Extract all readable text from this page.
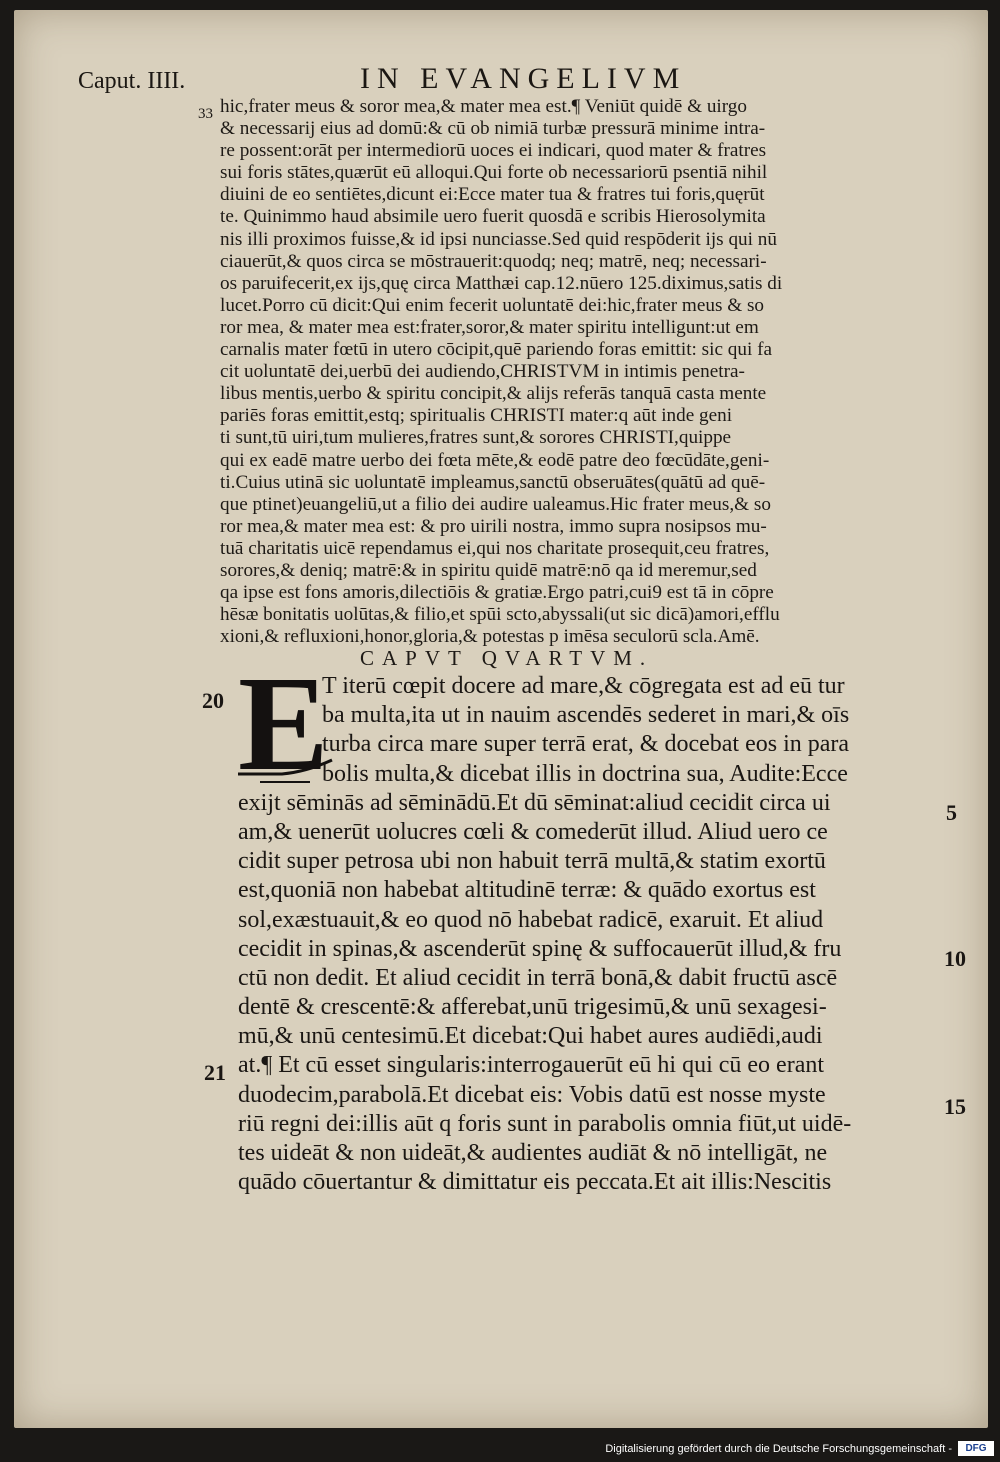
Caput. IIII.	IN EVANGELIVM
33 hic,frater meus & soror mea,& mater mea est.¶ Veniūt quidē & uirgo
& necessarij eius ad domū:& cū ob nimiā turbæ pressurā minime intra-
re possent:orāt per intermediorū uoces ei indicari, quod mater & fratres
sui foris stātes,quærūt eū alloqui.Qui forte ob necessariorū psentiā nihil
diuini de eo sentiētes,dicunt ei:Ecce mater tua & fratres tui foris,quęrūt
te. Quinimmo haud absimile uero fuerit quosdā e scribis Hierosolymita
nis illi proximos fuisse,& id ipsi nunciasse.Sed quid respōderit ijs qui nū
ciauerūt,& quos circa se mōstrauerit:quodq; neq; matrē, neq; necessari-
os paruifecerit,ex ijs,quę circa Matthæi cap.12.nūero 125.diximus,satis di
lucet.Porro cū dicit:Qui enim fecerit uoluntatē dei:hic,frater meus & so
ror mea, & mater mea est:frater,soror,& mater spiritu intelligunt:ut em
carnalis mater fœtū in utero cōcipit,quē pariendo foras emittit: sic qui fa
cit uoluntatē dei,uerbū dei audiendo,CHRISTVM in intimis penetra-
libus mentis,uerbo & spiritu concipit,& alijs referās tanquā casta mente
pariēs foras emittit,estq; spiritualis CHRISTI mater:q aūt inde geni
ti sunt,tū uiri,tum mulieres,fratres sunt,& sorores CHRISTI,quippe
qui ex eadē matre uerbo dei fœta mēte,& eodē patre deo fœcūdāte,geni-
ti.Cuius utinā sic uoluntatē impleamus,sanctū obseruātes(quātū ad quē-
que ptinet)euangeliū,ut a filio dei audire ualeamus.Hic frater meus,& so
ror mea,& mater mea est: & pro uirili nostra, immo supra nosipsos mu-
tuā charitatis uicē rependamus ei,qui nos charitate prosequit,ceu fratres,
sorores,& deniq; matrē:& in spiritu quidē matrē:nō qa id meremur,sed
qa ipse est fons amoris,dilectiōis & gratiæ.Ergo patri,cui9 est tā in cōpre
hēsæ bonitatis uolūtas,& filio,et spūi scto,abyssali(ut sic dicā)amori,efflu
xioni,& refluxioni,honor,gloria,& potestas p imēsa seculorū scla.Amē.
CAPVT QVARTVM.
E
T iterū cœpit docere ad mare,& cōgregata est ad eū tur
ba multa,ita ut in nauim ascendēs sederet in mari,& oīs
turba circa mare super terrā erat, & docebat eos in para
bolis multa,& dicebat illis in doctrina sua, Audite:Ecce
exijt sēminās ad sēminādū.Et dū sēminat:aliud cecidit circa ui
am,& uenerūt uolucres cœli & comederūt illud. Aliud uero ce
cidit super petrosa ubi non habuit terrā multā,& statim exortū
est,quoniā non habebat altitudinē terræ: & quādo exortus est
sol,exæstuauit,& eo quod nō habebat radicē, exaruit. Et aliud
cecidit in spinas,& ascenderūt spinę & suffocauerūt illud,& fru
ctū non dedit. Et aliud cecidit in terrā bonā,& dabit fructū ascē
dentē & crescentē:& afferebat,unū trigesimū,& unū sexagesi-
mū,& unū centesimū.Et dicebat:Qui habet aures audiēdi,audi
at.¶ Et cū esset singularis:interrogauerūt eū hi qui cū eo erant
duodecim,parabolā.Et dicebat eis: Vobis datū est nosse myste
riū regni dei:illis aūt q foris sunt in parabolis omnia fiūt,ut uidē-
tes uideāt & non uideāt,& audientes audiāt & nō intelligāt, ne
quādo cōuertantur & dimittatur eis peccata.Et ait illis:Nescitis
20
21
5
10
15
Digitalisierung gefördert durch die Deutsche Forschungsgemeinschaft -	DFG
